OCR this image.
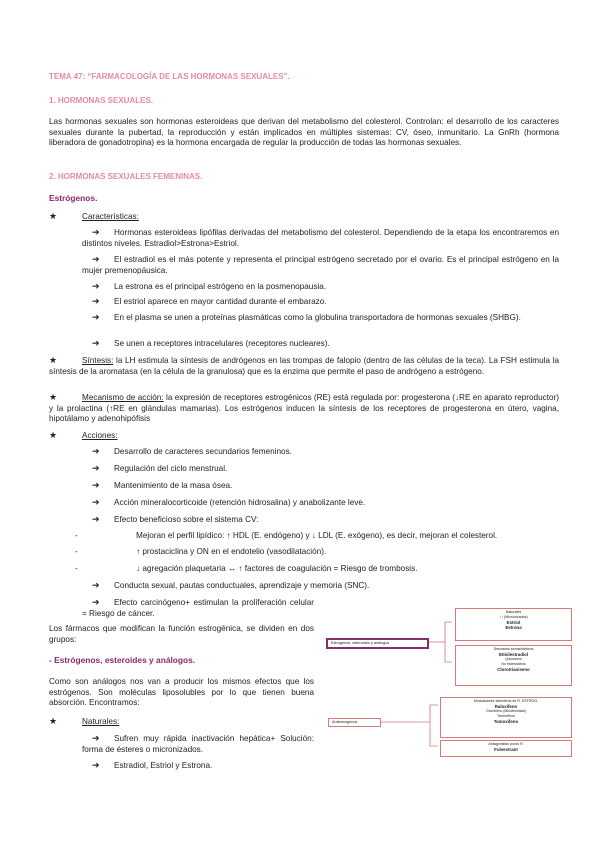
TEMA 47: “FARMACOLOGÍA DE LAS HORMONAS SEXUALES”.
1. HORMONAS SEXUALES.
Las hormonas sexuales son hormonas esteroideas que derivan del metabolismo del colesterol. Controlan: el desarrollo de los caracteres sexuales durante la pubertad, la reproducción y están implicados en múltiples sistemas: CV, óseo, inmunitario. La GnRh (hormona liberadora de gonadotropina) es la hormona encargada de regular la producción de todas las hormonas sexuales.
2. HORMONAS SEXUALES FEMENINAS.
Estrógenos.
★	Características:
➔	Hormonas esteroideas lipófilas derivadas del metabolismo del colesterol. Dependiendo de la etapa los encontraremos en distintos niveles. Estradiol>Estrona>Estriol.
➔	El estradiol es el más potente y representa el principal estrógeno secretado por el ovario. Es el principal estrógeno en la mujer premenopáusica.
➔ La estrona es el principal estrógeno en la posmenopausia.
➔ El estriol aparece en mayor cantidad durante el embarazo.
➔	En el plasma se unen a proteínas plasmáticas como la globulina transportadora de hormonas sexuales (SHBG).
➔ Se unen a receptores intracelulares (receptores nucleares).
★	Síntesis: la LH estimula la síntesis de andrógenos en las trompas de falopio (dentro de las células de la teca). La FSH estimula la síntesis de la aromatasa (en la célula de la granulosa) que es la enzima que permite el paso de andrógeno a estrógeno.
★	Mecanismo de acción: la expresión de receptores estrogénicos (RE) está regulada por: progesterona (↓RE en aparato reproductor) y la prolactina (↑RE en glándulas mamarias). Los estrógenos inducen la síntesis de los receptores de progesterona en útero, vagina, hipotálamo y adenohipófisis
★	Acciones:
➔ Desarrollo de caracteres secundarios femeninos.
➔ Regulación del ciclo menstrual.
➔ Mantenimiento de la masa ósea.
➔ Acción mineralocorticoide (retención hidrosalina) y anabolizante leve.
➔ Efecto beneficioso sobre el sistema CV:
-	Mejoran el perfil lipídico: ↑ HDL (E. endógeno) y ↓ LDL (E. exógeno), es decir, mejoran el colesterol.
-	↑ prostaciclina y ON en el endotelio (vasodilatación).
-	↓ agregación plaquetaria ↔ ↑ factores de coagulación = Riesgo de trombosis.
➔ Conducta sexual, pautas conductuales, aprendizaje y memoria (SNC).
➔	Efecto carcinógeno+ estimulan la proliferación celular = Riesgo de cáncer.
Los fármacos que modifican la función estrogénica, se dividen en dos grupos:
- Estrógenos, esteroides y análogos.
Como son análogos nos van a producir los mismos efectos que los estrógenos. Son moléculas liposolubles por lo que tienen buena absorción. Encontramos:
★	Naturales:
➔	Sufren muy rápida inactivación hepática+ Solución: forma de ésteres o micronizados.
➔ Estradiol, Estriol y Estrona.
Estrógenos, esteroides y análogos
Naturales
↑ / (Micronizados)
Estriol
Estrona
Derivados semisintéticos
Etinilestradiol
Quinestrol
No esteroideos
Clorotrianiseno
Antiestrógenos
Moduladores selectivos de R. ESTROG.
Raloxifeno
Clomifeno (Micofenolato)
Toremifeno
Tamoxifeno
Antagonistas puros R.
Fulvestrant
